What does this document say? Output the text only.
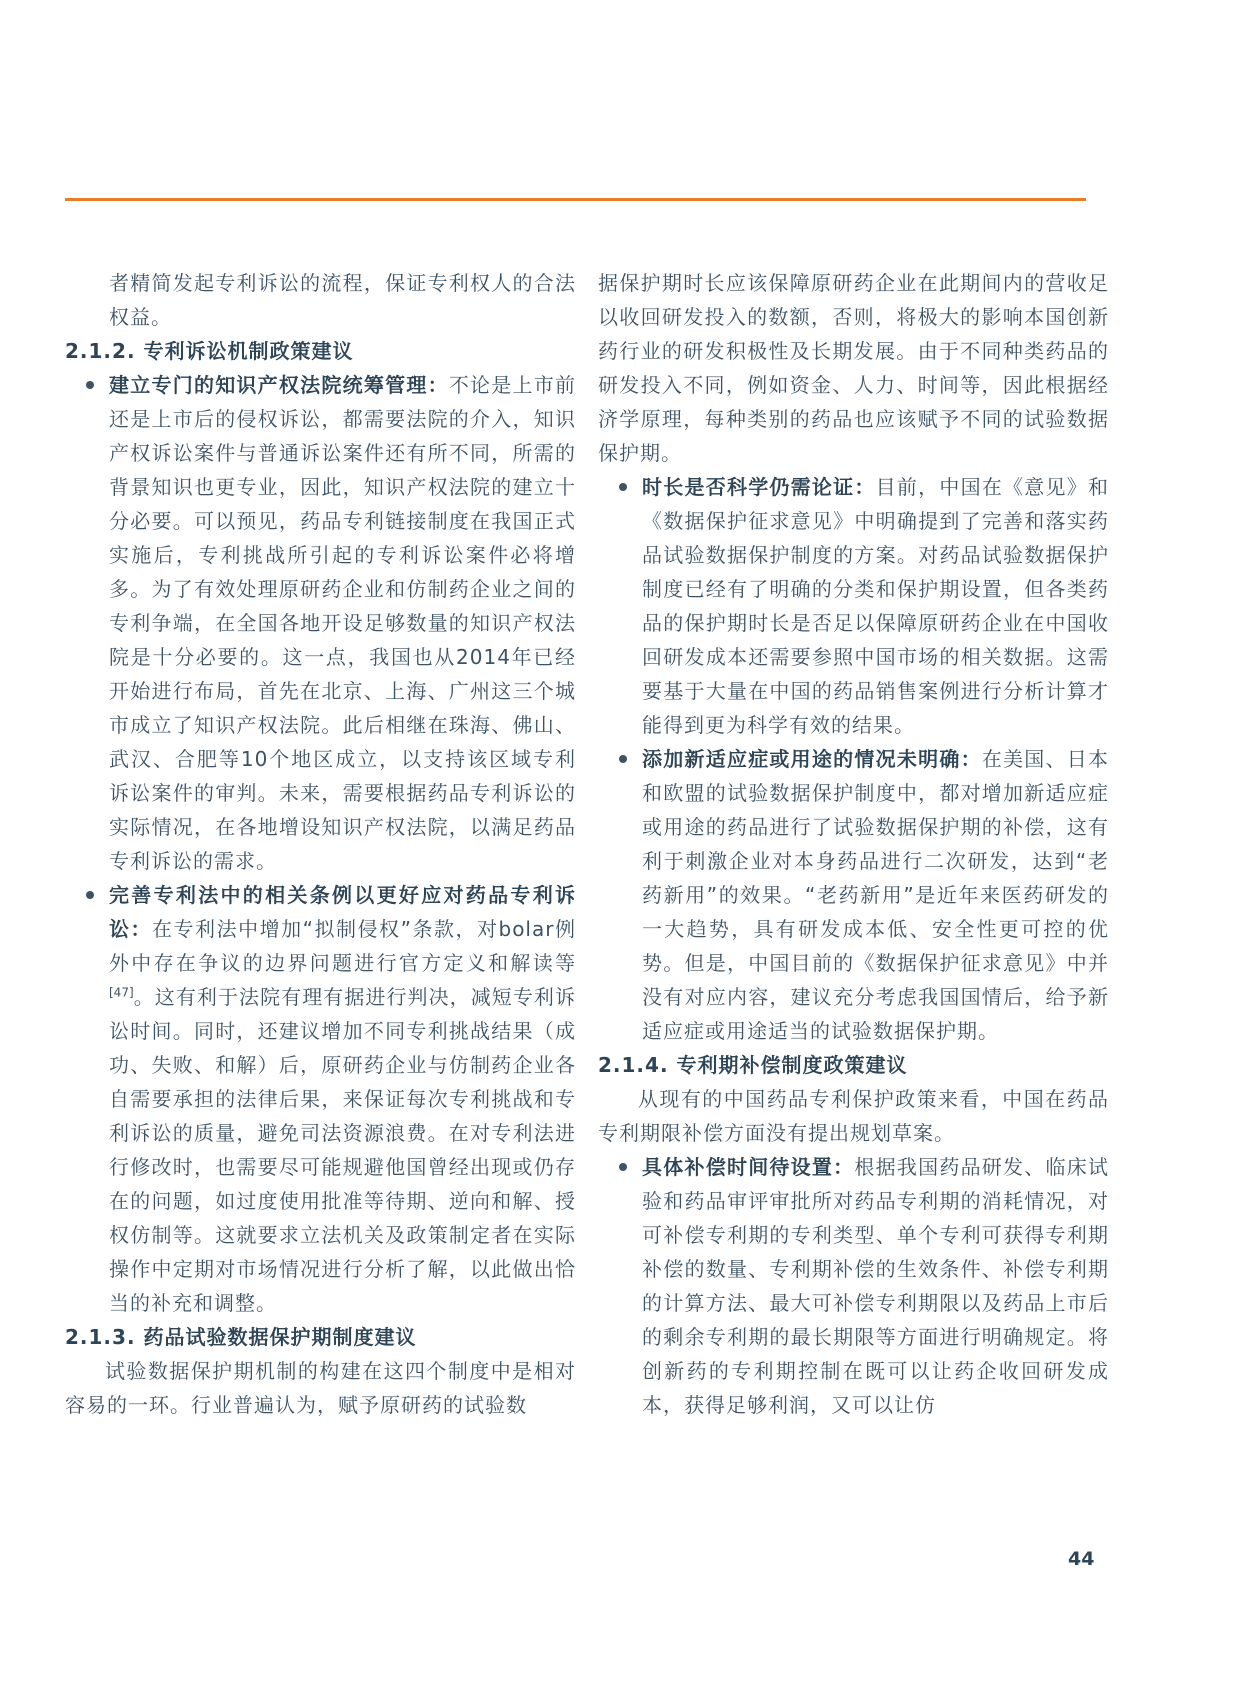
者精简发起专利诉讼的流程，保证专利权人的合法权益。

2.1.2. 专利诉讼机制政策建议

建立专门的知识产权法院统筹管理：不论是上市前还是上市后的侵权诉讼，都需要法院的介入，知识产权诉讼案件与普通诉讼案件还有所不同，所需的背景知识也更专业，因此，知识产权法院的建立十分必要。可以预见，药品专利链接制度在我国正式实施后，专利挑战所引起的专利诉讼案件必将增多。为了有效处理原研药企业和仿制药企业之间的专利争端，在全国各地开设足够数量的知识产权法院是十分必要的。这一点，我国也从2014年已经开始进行布局，首先在北京、上海、广州这三个城市成立了知识产权法院。此后相继在珠海、佛山、武汉、合肥等10个地区成立，以支持该区域专利诉讼案件的审判。未来，需要根据药品专利诉讼的实际情况，在各地增设知识产权法院，以满足药品专利诉讼的需求。

完善专利法中的相关条例以更好应对药品专利诉讼：在专利法中增加“拟制侵权”条款，对bolar例外中存在争议的边界问题进行官方定义和解读等[47]。这有利于法院有理有据进行判决，减短专利诉讼时间。同时，还建议增加不同专利挑战结果（成功、失败、和解）后，原研药企业与仿制药企业各自需要承担的法律后果，来保证每次专利挑战和专利诉讼的质量，避免司法资源浪费。在对专利法进行修改时，也需要尽可能规避他国曾经出现或仍存在的问题，如过度使用批准等待期、逆向和解、授权仿制等。这就要求立法机关及政策制定者在实际操作中定期对市场情况进行分析了解，以此做出恰当的补充和调整。

2.1.3. 药品试验数据保护期制度建议

试验数据保护期机制的构建在这四个制度中是相对容易的一环。行业普遍认为，赋予原研药的试验数

据保护期时长应该保障原研药企业在此期间内的营收足以收回研发投入的数额，否则，将极大的影响本国创新药行业的研发积极性及长期发展。由于不同种类药品的研发投入不同，例如资金、人力、时间等，因此根据经济学原理，每种类别的药品也应该赋予不同的试验数据保护期。

时长是否科学仍需论证：目前，中国在《意见》和《数据保护征求意见》中明确提到了完善和落实药品试验数据保护制度的方案。对药品试验数据保护制度已经有了明确的分类和保护期设置，但各类药品的保护期时长是否足以保障原研药企业在中国收回研发成本还需要参照中国市场的相关数据。这需要基于大量在中国的药品销售案例进行分析计算才能得到更为科学有效的结果。

添加新适应症或用途的情况未明确：在美国、日本和欧盟的试验数据保护制度中，都对增加新适应症或用途的药品进行了试验数据保护期的补偿，这有利于刺激企业对本身药品进行二次研发，达到“老药新用”的效果。“老药新用”是近年来医药研发的一大趋势，具有研发成本低、安全性更可控的优势。但是，中国目前的《数据保护征求意见》中并没有对应内容，建议充分考虑我国国情后，给予新适应症或用途适当的试验数据保护期。

2.1.4. 专利期补偿制度政策建议

从现有的中国药品专利保护政策来看，中国在药品专利期限补偿方面没有提出规划草案。

具体补偿时间待设置：根据我国药品研发、临床试验和药品审评审批所对药品专利期的消耗情况，对可补偿专利期的专利类型、单个专利可获得专利期补偿的数量、专利期补偿的生效条件、补偿专利期的计算方法、最大可补偿专利期限以及药品上市后的剩余专利期的最长期限等方面进行明确规定。将创新药的专利期控制在既可以让药企收回研发成本，获得足够利润，又可以让仿

44
